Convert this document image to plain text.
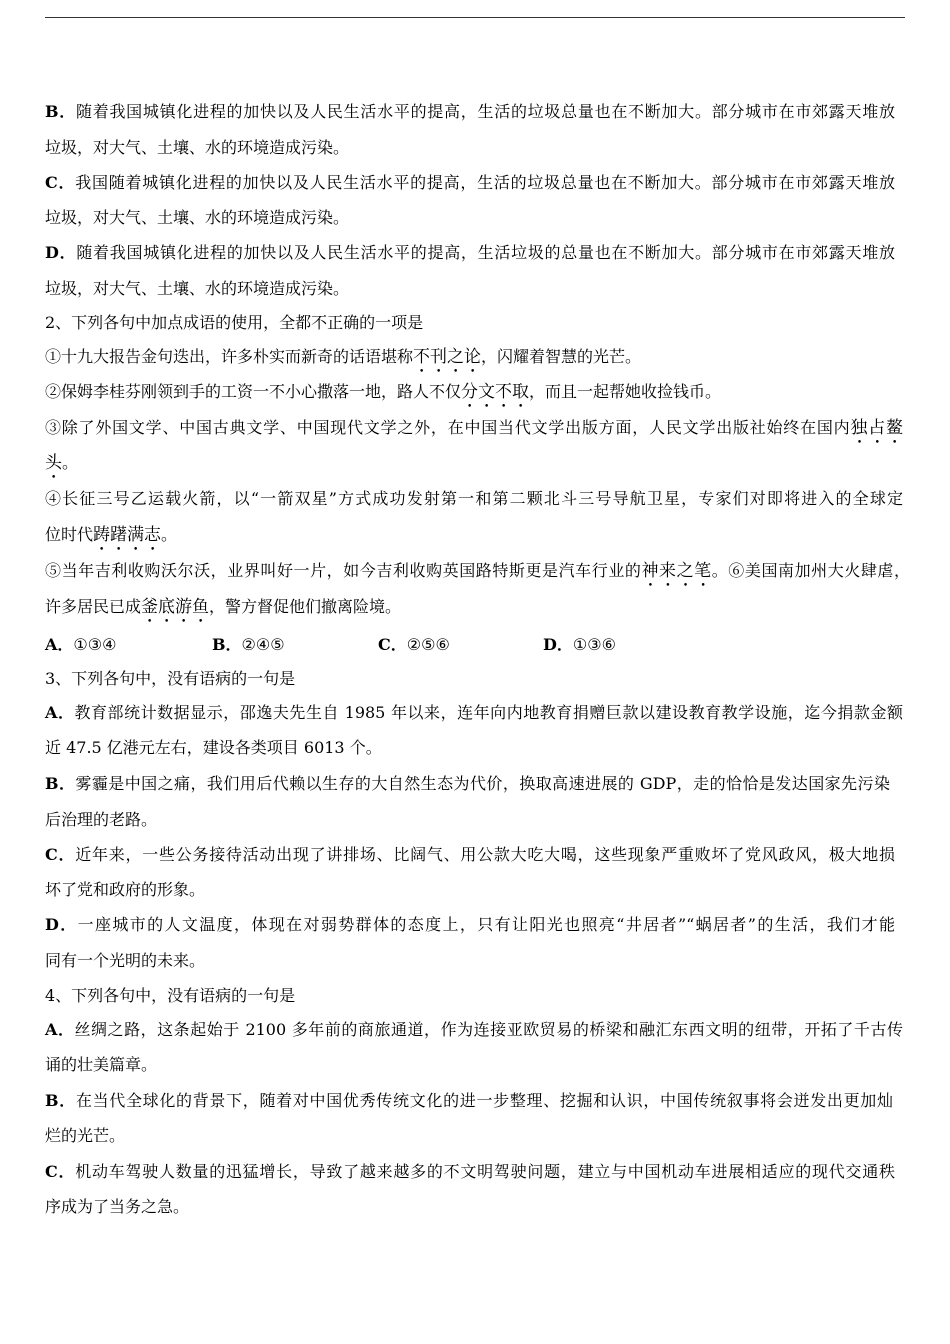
B．随着我国城镇化进程的加快以及人民生活水平的提高，生活的垃圾总量也在不断加大。部分城市在市郊露天堆放
垃圾，对大气、土壤、水的环境造成污染。
C．我国随着城镇化进程的加快以及人民生活水平的提高，生活的垃圾总量也在不断加大。部分城市在市郊露天堆放
垃圾，对大气、土壤、水的环境造成污染。
D．随着我国城镇化进程的加快以及人民生活水平的提高，生活垃圾的总量也在不断加大。部分城市在市郊露天堆放
垃圾，对大气、土壤、水的环境造成污染。
2、下列各句中加点成语的使用，全都不正确的一项是
①十九大报告金句迭出，许多朴实而新奇的话语堪称不刊之论，闪耀着智慧的光芒。
②保姆李桂芬刚领到手的工资一不小心撒落一地，路人不仅分文不取，而且一起帮她收捡钱币。
③除了外国文学、中国古典文学、中国现代文学之外，在中国当代文学出版方面，人民文学出版社始终在国内独占鳌
头。
④长征三号乙运载火箭，以“一箭双星”方式成功发射第一和第二颗北斗三号导航卫星，专家们对即将进入的全球定
位时代踌躇满志。
⑤当年吉利收购沃尔沃，业界叫好一片，如今吉利收购英国路特斯更是汽车行业的神来之笔。⑥美国南加州大火肆虐，
许多居民已成釜底游鱼，警方督促他们撤离险境。
A．①③④	B．②④⑤	C．②⑤⑥	D．①③⑥
3、下列各句中，没有语病的一句是
A．教育部统计数据显示，邵逸夫先生自 1985 年以来，连年向内地教育捐赠巨款以建设教育教学设施，迄今捐款金额
近 47.5 亿港元左右，建设各类项目 6013 个。
B．雾霾是中国之痛，我们用后代赖以生存的大自然生态为代价，换取高速进展的 GDP，走的恰恰是发达国家先污染
后治理的老路。
C．近年来，一些公务接待活动出现了讲排场、比阔气、用公款大吃大喝，这些现象严重败坏了党风政风，极大地损
坏了党和政府的形象。
D．一座城市的人文温度，体现在对弱势群体的态度上，只有让阳光也照亮“井居者”“蜗居者”的生活，我们才能
同有一个光明的未来。
4、下列各句中，没有语病的一句是
A．丝绸之路，这条起始于 2100 多年前的商旅通道，作为连接亚欧贸易的桥梁和融汇东西文明的纽带，开拓了千古传
诵的壮美篇章。
B．在当代全球化的背景下，随着对中国优秀传统文化的进一步整理、挖掘和认识，中国传统叙事将会迸发出更加灿
烂的光芒。
C．机动车驾驶人数量的迅猛增长，导致了越来越多的不文明驾驶问题，建立与中国机动车进展相适应的现代交通秩
序成为了当务之急。
